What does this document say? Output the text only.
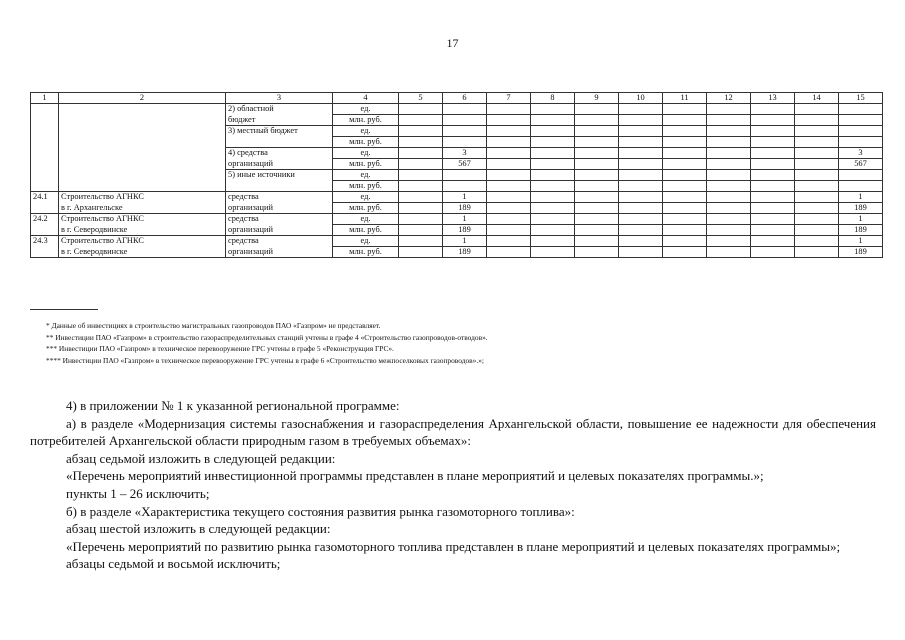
17
1	2	3	4	5	6	7	8	9	10	11	12	13	14	15
		2) областной	ед.											
		бюджет	млн. руб.											
		3) местный бюджет	ед.											
			млн. руб.											
		4) средства	ед.		3									3
		организаций	млн. руб.		567									567
		5) иные источники	ед.											
			млн. руб.											
24.1	Строительство АГНКС	средства	ед.		1									1
	в г. Архангельске	организаций	млн. руб.		189									189
24.2	Строительство АГНКС	средства	ед.		1									1
	в г. Северодвинске	организаций	млн. руб.		189									189
24.3	Строительство АГНКС	средства	ед.		1									1
	в г. Северодвинске	организаций	млн. руб.		189									189

* Данные об инвестициях в строительство магистральных газопроводов ПАО «Газпром» не представляет.

** Инвестиции ПАО «Газпром» в строительство газораспределительных станций учтены в графе 4 «Строительство газопроводов-отводов».

*** Инвестиции ПАО «Газпром» в техническое перевооружение ГРС учтены в графе 5 «Реконструкция ГРС».

**** Инвестиции ПАО «Газпром» в техническое перевооружение ГРС учтены в графе 6 «Строительство межпоселковых газопроводов».»;

4) в приложении № 1 к указанной региональной программе:

а) в разделе «Модернизация системы газоснабжения и газораспределения Архангельской области, повышение ее надежности для обеспечения потребителей Архангельской области природным газом в требуемых объемах»:

абзац седьмой изложить в следующей редакции:

«Перечень мероприятий инвестиционной программы представлен в плане мероприятий и целевых показателях программы.»;

пункты 1 – 26 исключить;

б) в разделе «Характеристика текущего состояния развития рынка газомоторного топлива»:

абзац шестой изложить в следующей редакции:

«Перечень мероприятий по развитию рынка газомоторного топлива представлен в плане мероприятий и целевых показателях программы»;

абзацы седьмой и восьмой исключить;
